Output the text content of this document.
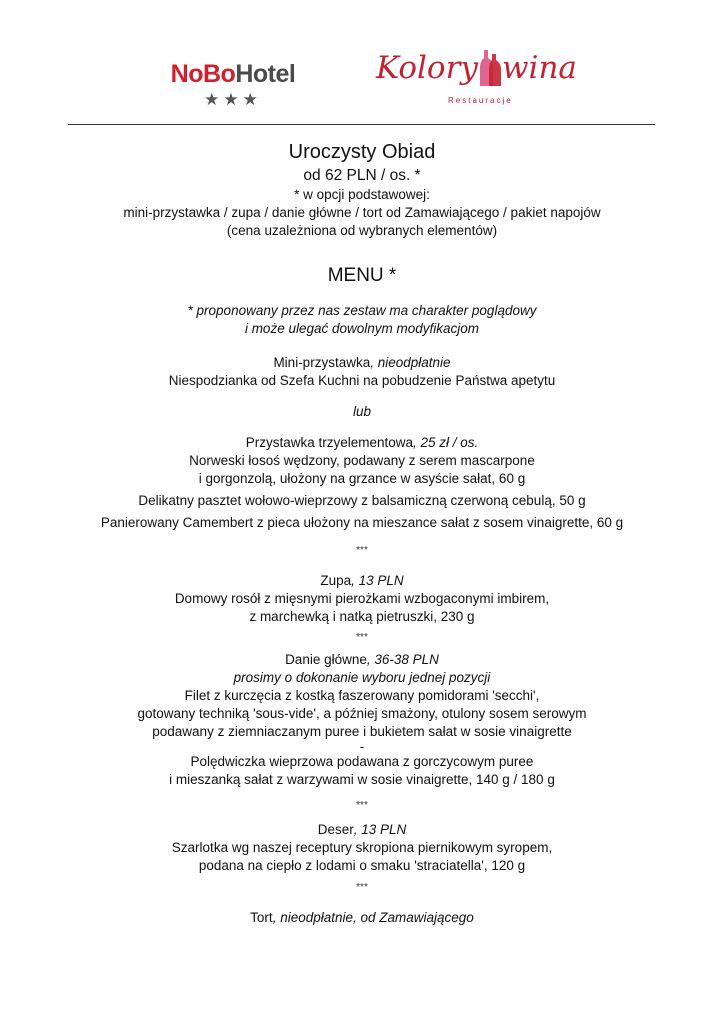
NoBoHotel
★★★
Kolory wina
Restauracje
Uroczysty Obiad
od 62 PLN / os. *
* w opcji podstawowej:
mini-przystawka / zupa / danie główne / tort od Zamawiającego / pakiet napojów
(cena uzależniona od wybranych elementów)
MENU *
* proponowany przez nas zestaw ma charakter poglądowy
i może ulegać dowolnym modyfikacjom
Mini-przystawka, nieodpłatnie
Niespodzianka od Szefa Kuchni na pobudzenie Państwa apetytu
lub
Przystawka trzyelementowa, 25 zł / os.
Norweski łosoś wędzony, podawany z serem mascarpone
i gorgonzolą, ułożony na grzance w asyście sałat, 60 g
Delikatny pasztet wołowo-wieprzowy z balsamiczną czerwoną cebulą, 50 g
Panierowany Camembert z pieca ułożony na mieszance sałat z sosem vinaigrette, 60 g
***
Zupa, 13 PLN
Domowy rosół z mięsnymi pierożkami wzbogaconymi imbirem,
z marchewką i natką pietruszki, 230 g
***
Danie główne, 36-38 PLN
prosimy o dokonanie wyboru jednej pozycji
Filet z kurczęcia z kostką faszerowany pomidorami 'secchi',
gotowany techniką 'sous-vide', a później smażony, otulony sosem serowym
podawany z ziemniaczanym puree i bukietem sałat w sosie vinaigrette
-
Polędwiczka wieprzowa podawana z gorczycowym puree
i mieszanką sałat z warzywami w sosie vinaigrette, 140 g / 180 g
***
Deser, 13 PLN
Szarlotka wg naszej receptury skropiona piernikowym syropem,
podana na ciepło z lodami o smaku 'straciatella', 120 g
***
Tort, nieodpłatnie, od Zamawiającego
